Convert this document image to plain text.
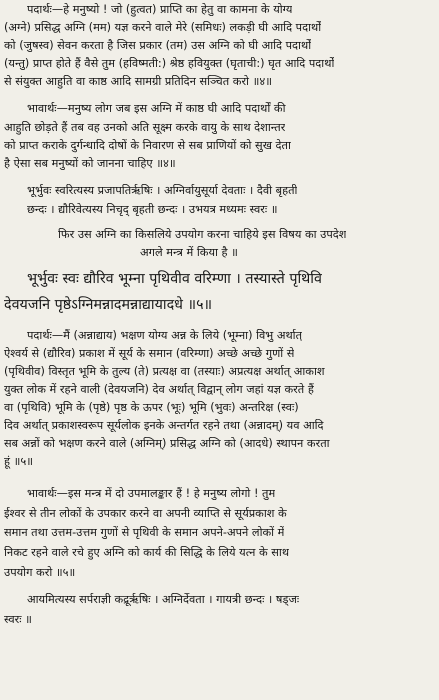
पदार्थः—हे मनुष्यो ! जो (हुत्वत) प्राप्ति का हेतु वा कामना के योग्य
(अग्ने) प्रसिद्ध अग्नि (मम) यज्ञ करने वाले मेरे (समिधः) लकड़ी घी आदि पदार्थों
को (जुषस्व) सेवन करता है जिस प्रकार (तम) उस अग्नि को घी आदि पदार्थों
(यन्तु) प्राप्त होते हैं वैसे तुम (हविष्मती:) श्रेष्ठ हवियुक्त (घृताची:) घृत आदि पदार्थों
से संयुक्त आहुति वा काष्ठ आदि सामग्री प्रतिदिन सञ्चित करो ॥४॥
भावार्थः—मनुष्य लोग जब इस अग्नि में काष्ठ घी आदि पदार्थों की
आहुति छोड़ते हैं तब वह उनको अति सूक्ष्म करके वायु के साथ देशान्तर
को प्राप्त कराके दुर्गन्धादि दोषों के निवारण से सब प्राणियों को सुख देता
है ऐसा सब मनुष्यों को जानना चाहिए ॥४॥
भूर्भुवः स्वरित्यस्य प्रजापतिर्ऋषिः । अग्निर्वायुसूर्या देवताः । दैवी बृहती
छन्दः । द्यौरिवेत्यस्य निचृद् बृहती छन्दः । उभयत्र मध्यमः स्वरः ॥
फिर उस अग्नि का किसलिये उपयोग करना चाहिये इस विषय का उपदेश
अगले मन्त्र में किया है ॥
भूर्भुवः स्वः द्यौरिव भूम्ना पृथिवीव वरिम्णा । तस्यास्ते पृथिवि
देवयजनि पृष्ठेऽग्निमन्नादमन्नाद्यायादधे ॥५॥
पदार्थः—मैं (अन्नाद्याय) भक्षण योग्य अन्न के लिये (भूम्ना) विभु अर्थात्
ऐश्वर्य से (द्यौरिव) प्रकाश में सूर्य के समान (वरिम्णा) अच्छे अच्छे गुणों से
(पृथिवीव) विस्तृत भूमि के तुल्य (ते) प्रत्यक्ष वा (तस्याः) अप्रत्यक्ष अर्थात् आकाश
युक्त लोक में रहने वाली (देवयजनि) देव अर्थात् विद्वान् लोग जहां यज्ञ करते हैं
वा (पृथिवि) भूमि के (पृष्ठे) पृष्ठ के ऊपर (भूः) भूमि (भुवः) अन्तरिक्ष (स्वः)
दिव अर्थात् प्रकाशस्वरूप सूर्यलोक इनके अन्तर्गत रहने तथा (अन्नादम्) यव आदि
सब अन्नों को भक्षण करने वाले (अग्निम्) प्रसिद्ध अग्नि को (आदधे) स्थापन करता
हूं ॥५॥
भावार्थः—इस मन्त्र में दो उपमालङ्कार हैं ! हे मनुष्य लोगो ! तुम
ईश्वर से तीन लोकों के उपकार करने वा अपनी व्याप्ति से सूर्यप्रकाश के
समान तथा उत्तम-उत्तम गुणों से पृथिवी के समान अपने-अपने लोकों में
निकट रहने वाले रचे हुए अग्नि को कार्य की सिद्धि के लिये यत्न के साथ
उपयोग करो ॥५॥
आयमित्यस्य सर्पराज्ञी कद्रूर्ऋषिः । अग्निर्देवता । गायत्री छन्दः । षड्जः
स्वरः ॥
